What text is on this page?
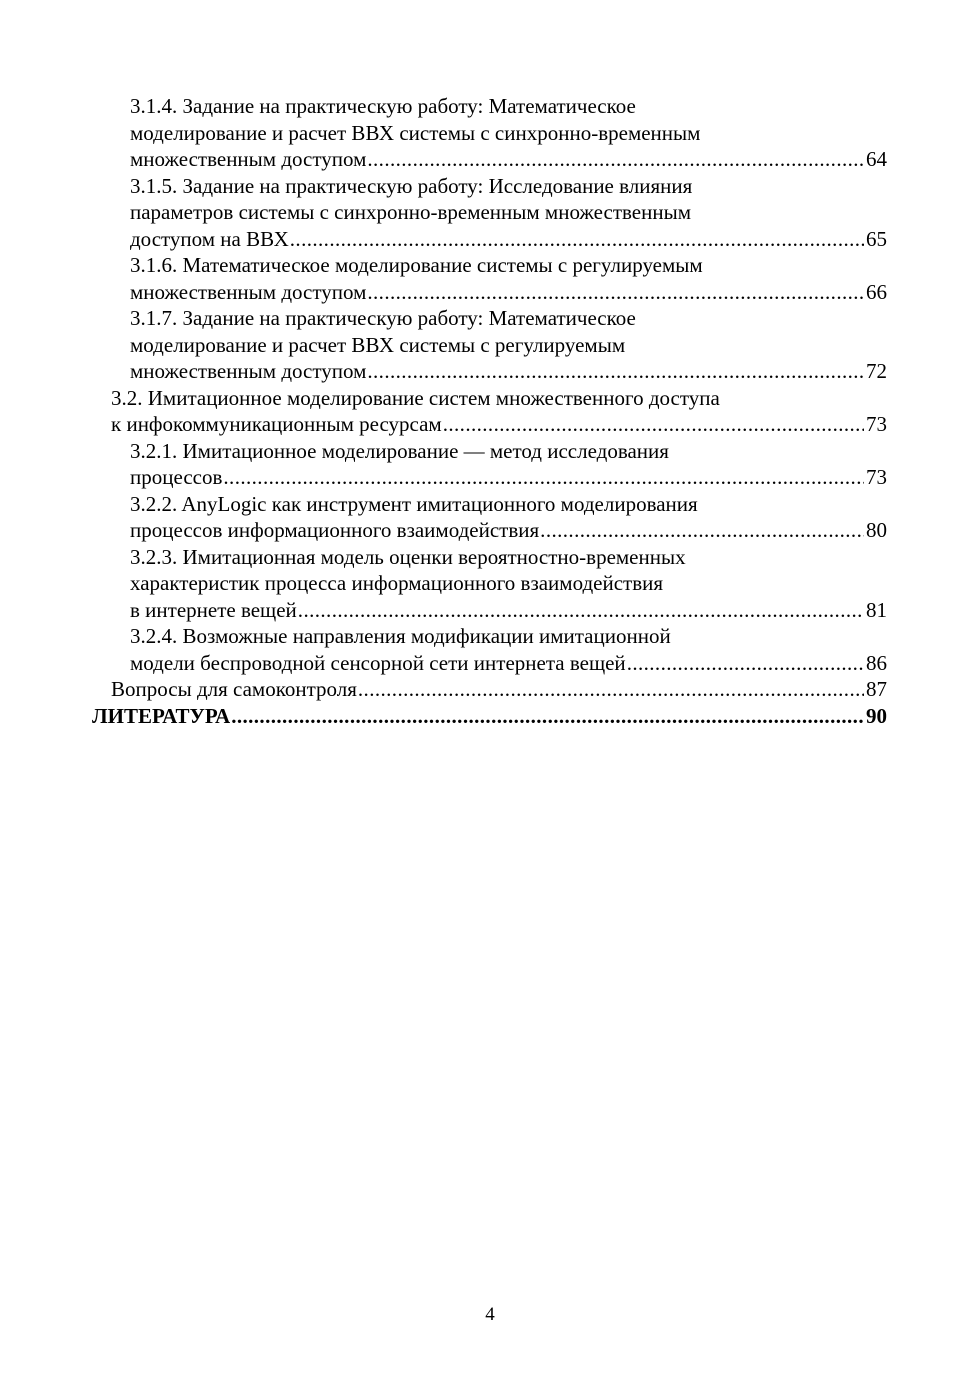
3.1.4. Задание на практическую работу: Математическое
моделирование и расчет ВВХ системы с синхронно-временным
множественным доступом .....	64
3.1.5. Задание на практическую работу: Исследование влияния
параметров системы с синхронно-временным множественным
доступом на ВВХ .....	65
3.1.6. Математическое моделирование системы с регулируемым
множественным доступом .....	66
3.1.7. Задание на практическую работу: Математическое
моделирование и расчет ВВХ системы с регулируемым
множественным доступом .....	72
3.2. Имитационное моделирование систем множественного доступа
к инфокоммуникационным ресурсам .....	73
3.2.1. Имитационное моделирование — метод исследования
процессов .....	73
3.2.2. AnyLogic как инструмент имитационного моделирования
процессов информационного взаимодействия .....	80
3.2.3. Имитационная модель оценки вероятностно-временных
характеристик процесса информационного взаимодействия
в интернете вещей .....	81
3.2.4. Возможные направления модификации имитационной
модели беспроводной сенсорной сети интернета вещей .....	86
Вопросы для самоконтроля .....	87
ЛИТЕРАТУРА .....	90
4
